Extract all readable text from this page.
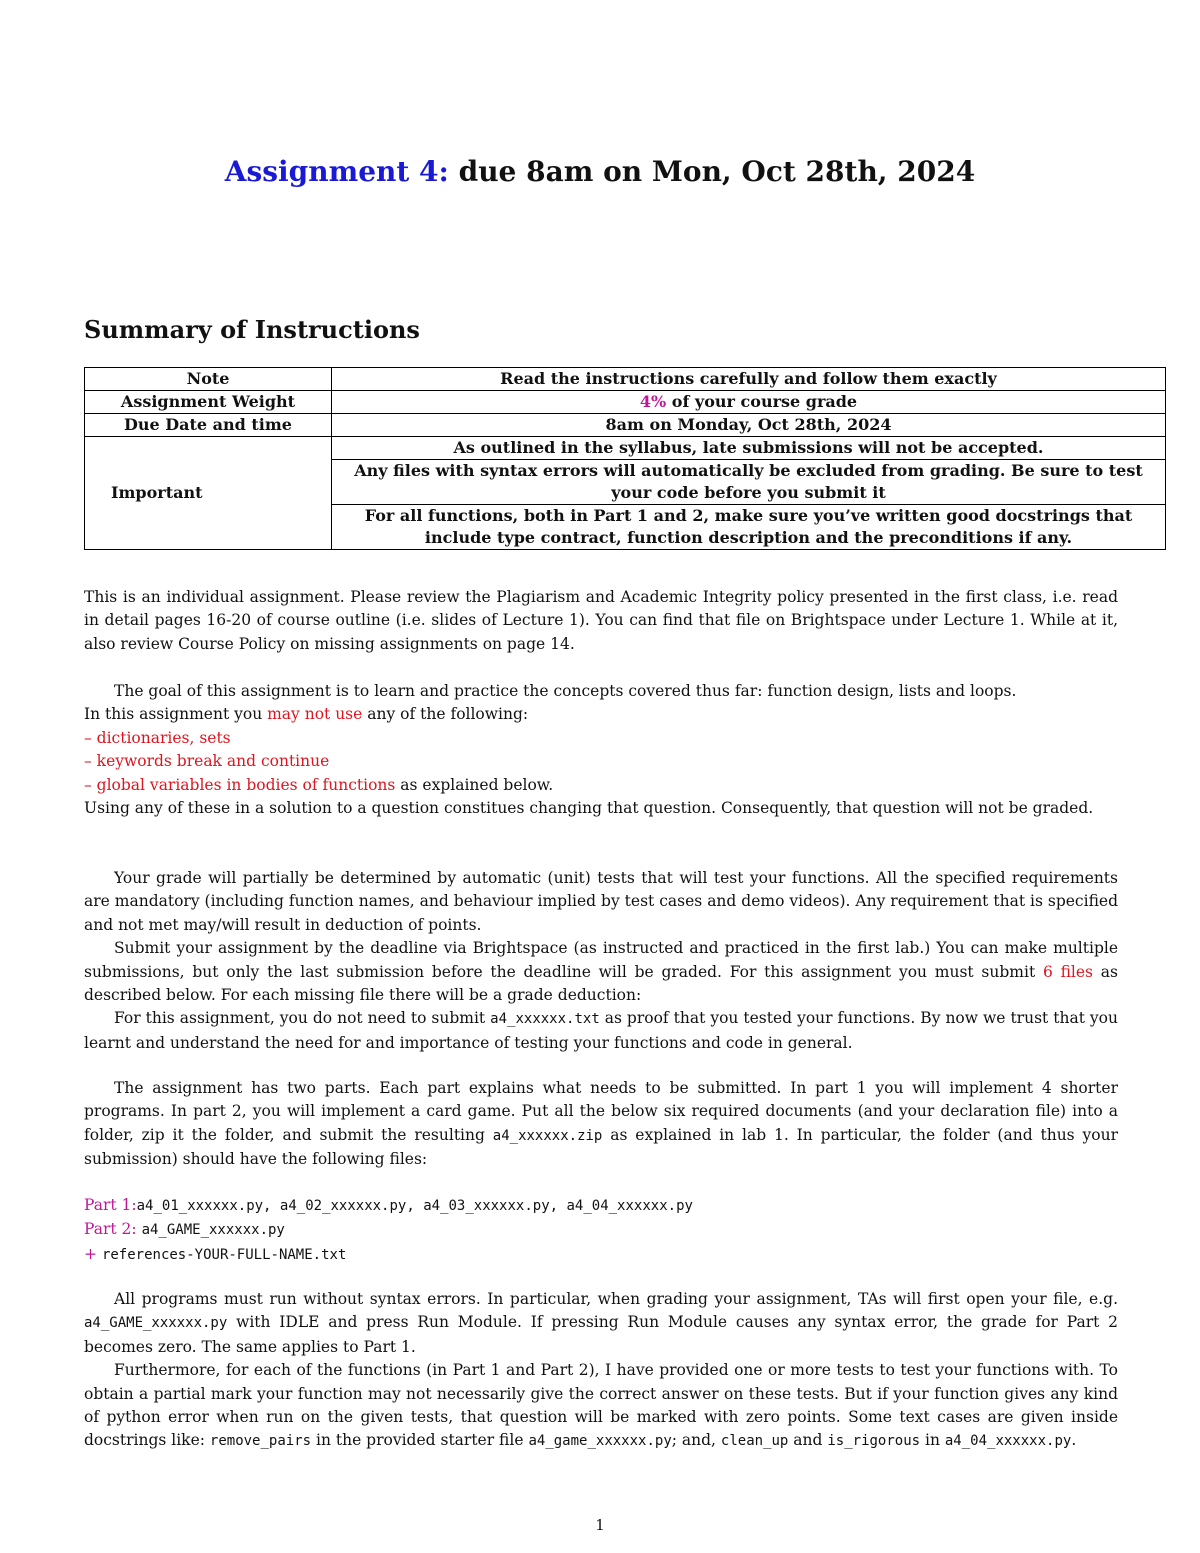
Assignment 4: due 8am on Mon, Oct 28th, 2024
Summary of Instructions
Note	Read the instructions carefully and follow them exactly
Assignment Weight	4% of your course grade
Due Date and time	8am on Monday, Oct 28th, 2024
Important	As outlined in the syllabus, late submissions will not be accepted.
	Any files with syntax errors will automatically be excluded from grading. Be sure to test your code before you submit it
	For all functions, both in Part 1 and 2, make sure you’ve written good docstrings that include type contract, function description and the preconditions if any.

This is an individual assignment. Please review the Plagiarism and Academic Integrity policy presented in the first class, i.e. read in detail pages 16-20 of course outline (i.e. slides of Lecture 1). You can find that file on Brightspace under Lecture 1. While at it, also review Course Policy on missing assignments on page 14.

The goal of this assignment is to learn and practice the concepts covered thus far: function design, lists and loops.

In this assignment you may not use any of the following:

– dictionaries, sets

– keywords break and continue

– global variables in bodies of functions as explained below.

Using any of these in a solution to a question constitues changing that question. Consequently, that question will not be graded.

Your grade will partially be determined by automatic (unit) tests that will test your functions. All the specified requirements are mandatory (including function names, and behaviour implied by test cases and demo videos). Any requirement that is specified and not met may/will result in deduction of points.

Submit your assignment by the deadline via Brightspace (as instructed and practiced in the first lab.) You can make multiple submissions, but only the last submission before the deadline will be graded. For this assignment you must submit 6 files as described below. For each missing file there will be a grade deduction:

For this assignment, you do not need to submit a4_xxxxxx.txt as proof that you tested your functions. By now we trust that you learnt and understand the need for and importance of testing your functions and code in general.

The assignment has two parts. Each part explains what needs to be submitted. In part 1 you will implement 4 shorter programs. In part 2, you will implement a card game. Put all the below six required documents (and your declaration file) into a folder, zip it the folder, and submit the resulting a4_xxxxxx.zip as explained in lab 1. In particular, the folder (and thus your submission) should have the following files:

Part 1:a4_01_xxxxxx.py, a4_02_xxxxxx.py, a4_03_xxxxxx.py, a4_04_xxxxxx.py

Part 2: a4_GAME_xxxxxx.py

+ references-YOUR-FULL-NAME.txt

All programs must run without syntax errors. In particular, when grading your assignment, TAs will first open your file, e.g. a4_GAME_xxxxxx.py with IDLE and press Run Module. If pressing Run Module causes any syntax error, the grade for Part 2 becomes zero. The same applies to Part 1.

Furthermore, for each of the functions (in Part 1 and Part 2), I have provided one or more tests to test your functions with. To obtain a partial mark your function may not necessarily give the correct answer on these tests. But if your function gives any kind of python error when run on the given tests, that question will be marked with zero points. Some text cases are given inside docstrings like: remove_pairs in the provided starter file a4_game_xxxxxx.py; and, clean_up and is_rigorous in a4_04_xxxxxx.py.

1
